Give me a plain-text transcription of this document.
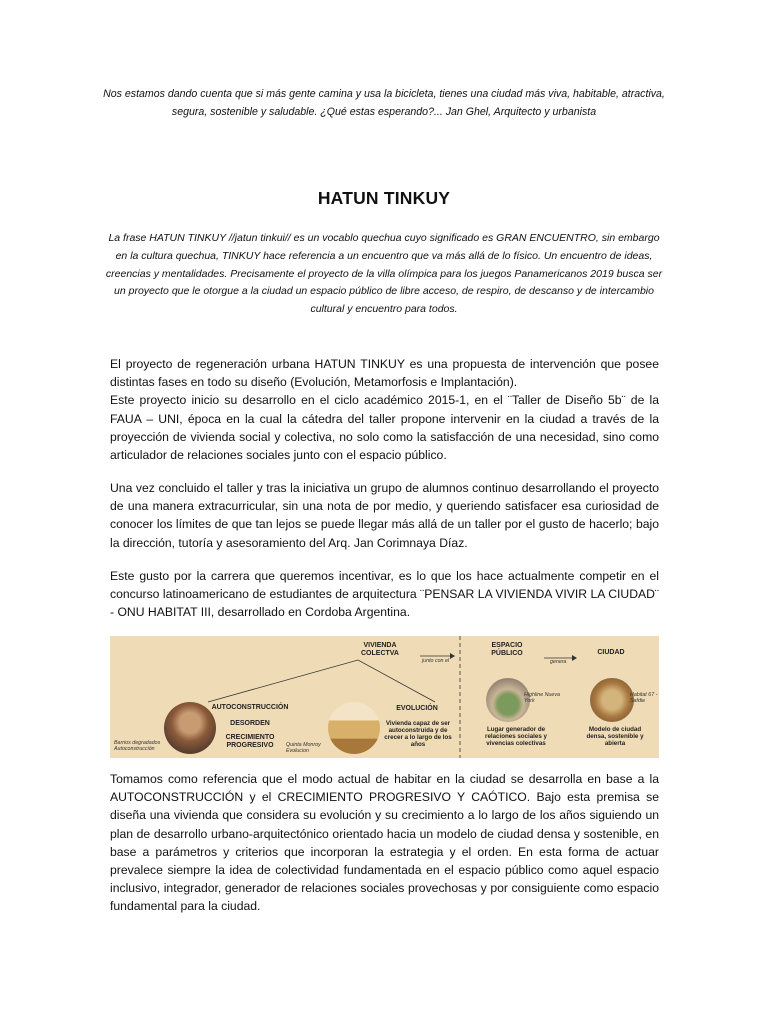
Nos estamos dando cuenta que si más gente camina y usa la bicicleta, tienes una ciudad más viva, habitable, atractiva, segura, sostenible y saludable. ¿Qué estas esperando?... Jan Ghel, Arquitecto y urbanista
HATUN TINKUY
La frase HATUN TINKUY //jatun tinkui// es un vocablo quechua cuyo significado es GRAN ENCUENTRO, sin embargo en la cultura quechua, TINKUY hace referencia a un encuentro que va más allá de lo físico. Un encuentro de ideas, creencias y mentalidades. Precisamente el proyecto de la villa olímpica para los juegos Panamericanos 2019 busca ser un proyecto que le otorgue a la ciudad un espacio público de libre acceso, de respiro, de descanso y de intercambio cultural y encuentro para todos.

El proyecto de regeneración urbana HATUN TINKUY es una propuesta de intervención que posee distintas fases en todo su diseño (Evolución, Metamorfosis e Implantación).

Este proyecto inicio su desarrollo en el ciclo académico 2015-1, en el ¨Taller de Diseño 5b¨ de la FAUA – UNI, época en la cual la cátedra del taller propone intervenir en la ciudad a través de la proyección de vivienda social y colectiva, no solo como la satisfacción de una necesidad, sino como articulador de relaciones sociales junto con el espacio público.

Una vez concluido el taller y tras la iniciativa un grupo de alumnos continuo desarrollando el proyecto de una manera extracurricular, sin una nota de por medio, y queriendo satisfacer esa curiosidad de conocer los límites de que tan lejos se puede llegar más allá de un taller por el gusto de hacerlo; bajo la dirección, tutoría y asesoramiento del Arq. Jan Corimnaya Díaz.

Este gusto por la carrera que queremos incentivar, es lo que los hace actualmente competir en el concurso latinoamericano de estudiantes de arquitectura ¨PENSAR LA VIVIENDA VIVIR LA CIUDAD¨ - ONU HABITAT III, desarrollado en Cordoba Argentina.

VIVIENDA COLECTVA
junto con el
ESPACIO PÚBLICO
genera
CIUDAD
AUTOCONSTRUCCIÓN
DESORDEN
CRECIMIENTO PROGRESIVO
EVOLUCIÓN
Vivienda capaz de ser autoconstruida y de crecer a lo largo de los años
Lugar generador de relaciones sociales y vivencias colectivas
Modelo de ciudad densa, sostenible y abierta
Barrios degradados Autoconstrucción
Quinta Monroy Evolucion
Highline Nueva York
Habitat 67 - Safdie

Tomamos como referencia que el modo actual de habitar en la ciudad se desarrolla en base a la AUTOCONSTRUCCIÓN y el CRECIMIENTO PROGRESIVO Y CAÓTICO. Bajo esta premisa se diseña una vivienda que considera su evolución y su crecimiento a lo largo de los años siguiendo un plan de desarrollo urbano-arquitectónico orientado hacia un modelo de ciudad densa y sostenible, en base a parámetros y criterios que incorporan la estrategia y el orden. En esta forma de actuar prevalece siempre la idea de colectividad fundamentada en el espacio público como aquel espacio inclusivo, integrador, generador de relaciones sociales provechosas y por consiguiente como espacio fundamental para la ciudad.
